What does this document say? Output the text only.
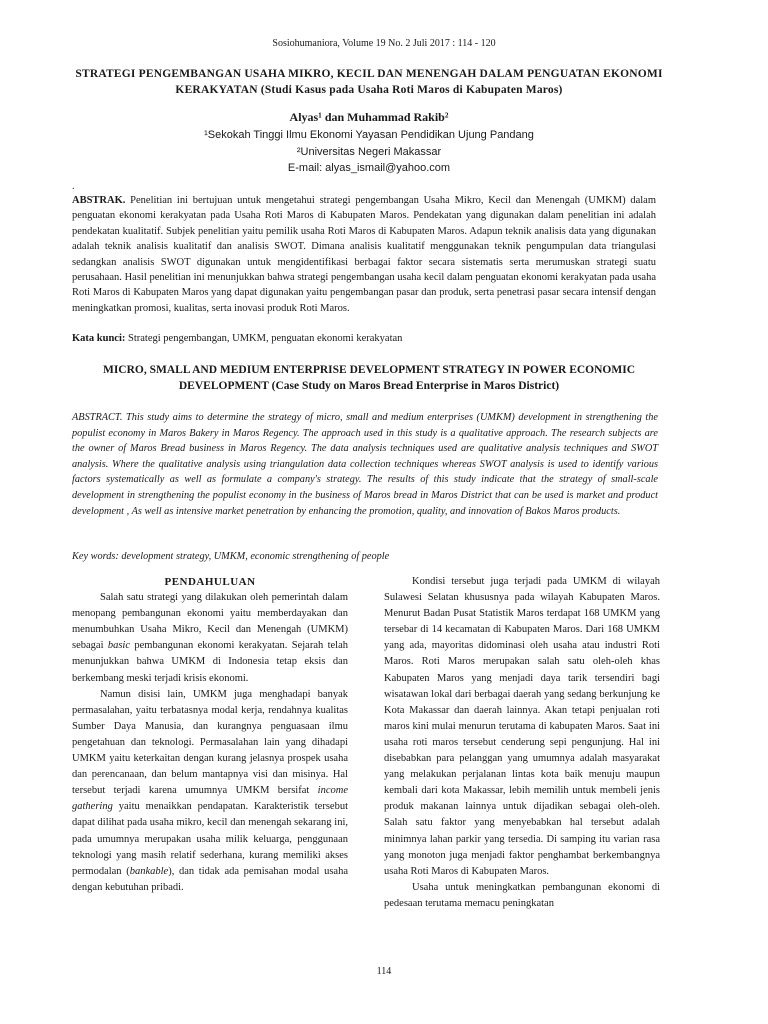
Sosiohumaniora, Volume 19 No. 2 Juli 2017 : 114 - 120
STRATEGI PENGEMBANGAN USAHA MIKRO, KECIL DAN MENENGAH DALAM PENGUATAN EKONOMI KERAKYATAN (Studi Kasus pada Usaha Roti Maros di Kabupaten Maros)
Alyas¹ dan Muhammad Rakib²
¹Sekokah Tinggi Ilmu Ekonomi Yayasan Pendidikan Ujung Pandang
²Universitas Negeri Makassar
E-mail: alyas_ismail@yahoo.com
.
ABSTRAK. Penelitian ini bertujuan untuk mengetahui strategi pengembangan Usaha Mikro, Kecil dan Menengah (UMKM) dalam penguatan ekonomi kerakyatan pada Usaha Roti Maros di Kabupaten Maros. Pendekatan yang digunakan dalam penelitian ini adalah pendekatan kualitatif. Subjek penelitian yaitu pemilik usaha Roti Maros di Kabupaten Maros. Adapun teknik analisis data yang digunakan adalah teknik analisis kualitatif dan analisis SWOT. Dimana analisis kualitatif menggunakan teknik pengumpulan data triangulasi sedangkan analisis SWOT digunakan untuk mengidentifikasi berbagai faktor secara sistematis serta merumuskan strategi suatu perusahaan. Hasil penelitian ini menunjukkan bahwa strategi pengembangan usaha kecil dalam penguatan ekonomi kerakyatan pada usaha Roti Maros di Kabupaten Maros yang dapat digunakan yaitu pengembangan pasar dan produk, serta penetrasi pasar secara intensif dengan meningkatkan promosi, kualitas, serta inovasi produk Roti Maros.
Kata kunci: Strategi pengembangan, UMKM, penguatan ekonomi kerakyatan
MICRO, SMALL AND MEDIUM ENTERPRISE DEVELOPMENT STRATEGY IN POWER ECONOMIC DEVELOPMENT (Case Study on Maros Bread Enterprise in Maros District)
ABSTRACT. This study aims to determine the strategy of micro, small and medium enterprises (UMKM) development in strengthening the populist economy in Maros Bakery in Maros Regency. The approach used in this study is a qualitative approach. The research subjects are the owner of Maros Bread business in Maros Regency. The data analysis techniques used are qualitative analysis techniques and SWOT analysis. Where the qualitative analysis using triangulation data collection techniques whereas SWOT analysis is used to identify various factors systematically as well as formulate a company's strategy. The results of this study indicate that the strategy of small-scale development in strengthening the populist economy in the business of Maros bread in Maros District that can be used is market and product development , As well as intensive market penetration by enhancing the promotion, quality, and innovation of Bakos Maros products.
Key words: development strategy, UMKM, economic strengthening of people

PENDAHULUAN

Salah satu strategi yang dilakukan oleh pemerintah dalam menopang pembangunan ekonomi yaitu memberdayakan dan menumbuhkan Usaha Mikro, Kecil dan Menengah (UMKM) sebagai basic pembangunan ekonomi kerakyatan. Sejarah telah menunjukkan bahwa UMKM di Indonesia tetap eksis dan berkembang meski terjadi krisis ekonomi.

Namun disisi lain, UMKM juga menghadapi banyak permasalahan, yaitu terbatasnya modal kerja, rendahnya kualitas Sumber Daya Manusia, dan kurangnya penguasaan ilmu pengetahuan dan teknologi. Permasalahan lain yang dihadapi UMKM yaitu keterkaitan dengan kurang jelasnya prospek usaha dan perencanaan, dan belum mantapnya visi dan misinya. Hal tersebut terjadi karena umumnya UMKM bersifat income gathering yaitu menaikkan pendapatan. Karakteristik tersebut dapat dilihat pada usaha mikro, kecil dan menengah sekarang ini, pada umumnya merupakan usaha milik keluarga, penggunaan teknologi yang masih relatif sederhana, kurang memiliki akses permodalan (bankable), dan tidak ada pemisahan modal usaha dengan kebutuhan pribadi.

Kondisi tersebut juga terjadi pada UMKM di wilayah Sulawesi Selatan khususnya pada wilayah Kabupaten Maros. Menurut Badan Pusat Statistik Maros terdapat 168 UMKM yang tersebar di 14 kecamatan di Kabupaten Maros. Dari 168 UMKM yang ada, mayoritas didominasi oleh usaha atau industri Roti Maros. Roti Maros merupakan salah satu oleh-oleh khas Kabupaten Maros yang menjadi daya tarik tersendiri bagi wisatawan lokal dari berbagai daerah yang sedang berkunjung ke Kota Makassar dan daerah lainnya. Akan tetapi penjualan roti maros kini mulai menurun terutama di kabupaten Maros. Saat ini usaha roti maros tersebut cenderung sepi pengunjung. Hal ini disebabkan para pelanggan yang umumnya adalah masyarakat yang melakukan perjalanan lintas kota baik menuju maupun kembali dari kota Makassar, lebih memilih untuk membeli jenis produk makanan lainnya untuk dijadikan sebagai oleh-oleh. Salah satu faktor yang menyebabkan hal tersebut adalah minimnya lahan parkir yang tersedia. Di samping itu varian rasa yang monoton juga menjadi faktor penghambat berkembangnya usaha Roti Maros di Kabupaten Maros.

Usaha untuk meningkatkan pembangunan ekonomi di pedesaan terutama memacu peningkatan

114
